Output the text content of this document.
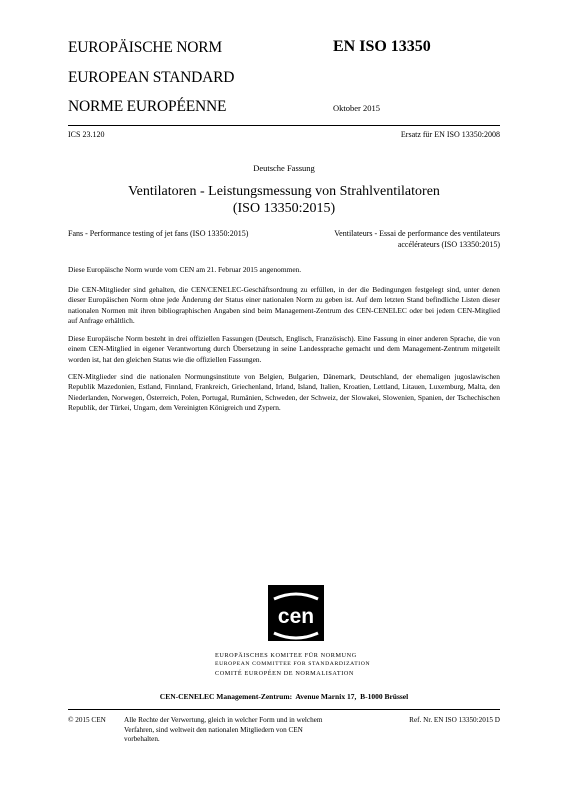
EUROPÄISCHE NORM
EUROPEAN STANDARD
NORME EUROPÉENNE
EN ISO 13350
Oktober 2015
ICS 23.120	Ersatz für EN ISO 13350:2008
Deutsche Fassung
Ventilatoren - Leistungsmessung von Strahlventilatoren
(ISO 13350:2015)
Fans - Performance testing of jet fans (ISO 13350:2015)	Ventilateurs - Essai de performance des ventilateurs
accélérateurs (ISO 13350:2015)
Diese Europäische Norm wurde vom CEN am 21. Februar 2015 angenommen.
Die CEN-Mitglieder sind gehalten, die CEN/CENELEC-Geschäftsordnung zu erfüllen, in der die Bedingungen festgelegt sind, unter denen dieser Europäischen Norm ohne jede Änderung der Status einer nationalen Norm zu geben ist. Auf dem letzten Stand befindliche Listen dieser nationalen Normen mit ihren bibliographischen Angaben sind beim Management-Zentrum des CEN-CENELEC oder bei jedem CEN-Mitglied auf Anfrage erhältlich.
Diese Europäische Norm besteht in drei offiziellen Fassungen (Deutsch, Englisch, Französisch). Eine Fassung in einer anderen Sprache, die von einem CEN-Mitglied in eigener Verantwortung durch Übersetzung in seine Landessprache gemacht und dem Management-Zentrum mitgeteilt worden ist, hat den gleichen Status wie die offiziellen Fassungen.
CEN-Mitglieder sind die nationalen Normungsinstitute von Belgien, Bulgarien, Dänemark, Deutschland, der ehemaligen jugoslawischen Republik Mazedonien, Estland, Finnland, Frankreich, Griechenland, Irland, Island, Italien, Kroatien, Lettland, Litauen, Luxemburg, Malta, den Niederlanden, Norwegen, Österreich, Polen, Portugal, Rumänien, Schweden, der Schweiz, der Slowakei, Slowenien, Spanien, der Tschechischen Republik, der Türkei, Ungarn, dem Vereinigten Königreich und Zypern.
cen
EUROPÄISCHES KOMITEE FÜR NORMUNG
EUROPEAN COMMITTEE FOR STANDARDIZATION
COMITÉ EUROPÉEN DE NORMALISATION
CEN-CENELEC Management-Zentrum:  Avenue Marnix 17,  B-1000 Brüssel
© 2015 CEN	Alle Rechte der Verwertung, gleich in welcher Form und in welchem
Verfahren, sind weltweit den nationalen Mitgliedern von CEN
vorbehalten.
Ref. Nr. EN ISO 13350:2015 D
